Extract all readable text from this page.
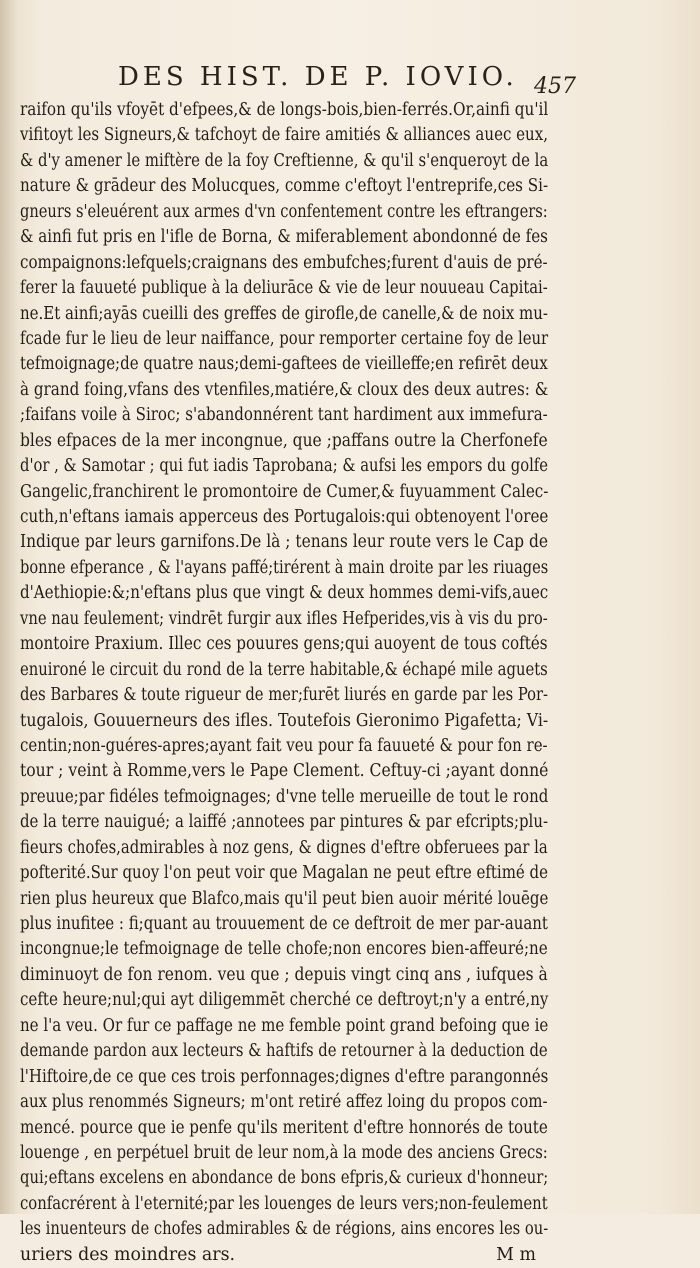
DES HIST. DE P. IOVIO. 457
raifon qu'ils vfoyēt d'efpees,& de longs-bois,bien-ferrés.Or,ainfi qu'il
vifitoyt les Signeurs,& tafchoyt de faire amitiés & alliances auec eux,
& d'y amener le miftère de la foy Creftienne, & qu'il s'enqueroyt de la
nature & grādeur des Molucques, comme c'eftoyt l'entreprife,ces Si-
gneurs s'eleuérent aux armes d'vn confentement contre les eftrangers:
& ainfi fut pris en l'ifle de Borna, & miferablement abondonné de fes
compaignons:lefquels;craignans des embufches;furent d'auis de pré-
ferer la fauueté publique à la deliurāce & vie de leur nouueau Capitai-
ne.Et ainfi;ayās cueilli des greffes de girofle,de canelle,& de noix mu-
fcade fur le lieu de leur naiffance, pour remporter certaine foy de leur
tefmoignage;de quatre naus;demi-gaftees de vieilleffe;en refirēt deux
à grand foing,vfans des vtenfiles,matiére,& cloux des deux autres: &
;faifans voile à Siroc; s'abandonnérent tant hardiment aux immefura-
bles efpaces de la mer incongnue, que ;paffans outre la Cherfonefe
d'or , & Samotar ; qui fut iadis Taprobana; & aufsi les empors du golfe
Gangelic,franchirent le promontoire de Cumer,& fuyuamment Calec-
cuth,n'eftans iamais apperceus des Portugalois:qui obtenoyent l'oree
Indique par leurs garnifons.De là ; tenans leur route vers le Cap de
bonne efperance , & l'ayans paffé;tirérent à main droite par les riuages
d'Aethiopie:&;n'eftans plus que vingt & deux hommes demi-vifs,auec
vne nau feulement; vindrēt furgir aux ifles Hefperides,vis à vis du pro-
montoire Praxium. Illec ces pouures gens;qui auoyent de tous coftés
enuironé le circuit du rond de la terre habitable,& échapé mile aguets
des Barbares & toute rigueur de mer;furēt liurés en garde par les Por-
tugalois, Gouuerneurs des ifles. Toutefois Gieronimo Pigafetta; Vi-
centin;non-guéres-apres;ayant fait veu pour fa fauueté & pour fon re-
tour ; veint à Romme,vers le Pape Clement. Ceftuy-ci ;ayant donné
preuue;par fidéles tefmoignages; d'vne telle merueille de tout le rond
de la terre nauigué; a laiffé ;annotees par pintures & par efcripts;plu-
fieurs chofes,admirables à noz gens, & dignes d'eftre obferuees par la
pofterité.Sur quoy l'on peut voir que Magalan ne peut eftre eftimé de
rien plus heureux que Blafco,mais qu'il peut bien auoir mérité louēge
plus inufitee : fi;quant au trouuement de ce deftroit de mer par-auant
incongnue;le tefmoignage de telle chofe;non encores bien-affeuré;ne
diminuoyt de fon renom. veu que ; depuis vingt cinq ans , iufques à
cefte heure;nul;qui ayt diligemmēt cherché ce deftroyt;n'y a entré,ny
ne l'a veu. Or fur ce paffage ne me femble point grand befoing que ie
demande pardon aux lecteurs & haftifs de retourner à la deduction de
l'Hiftoire,de ce que ces trois perfonnages;dignes d'eftre parangonnés
aux plus renommés Signeurs; m'ont retiré affez loing du propos com-
mencé. pource que ie penfe qu'ils meritent d'eftre honnorés de toute
louenge , en perpétuel bruit de leur nom,à la mode des anciens Grecs:
qui;eftans excelens en abondance de bons efpris,& curieux d'honneur;
confacrérent à l'eternité;par les louenges de leurs vers;non-feulement
les inuenteurs de chofes admirables & de régions, ains encores les ou-
uriers des moindres ars.	M m
